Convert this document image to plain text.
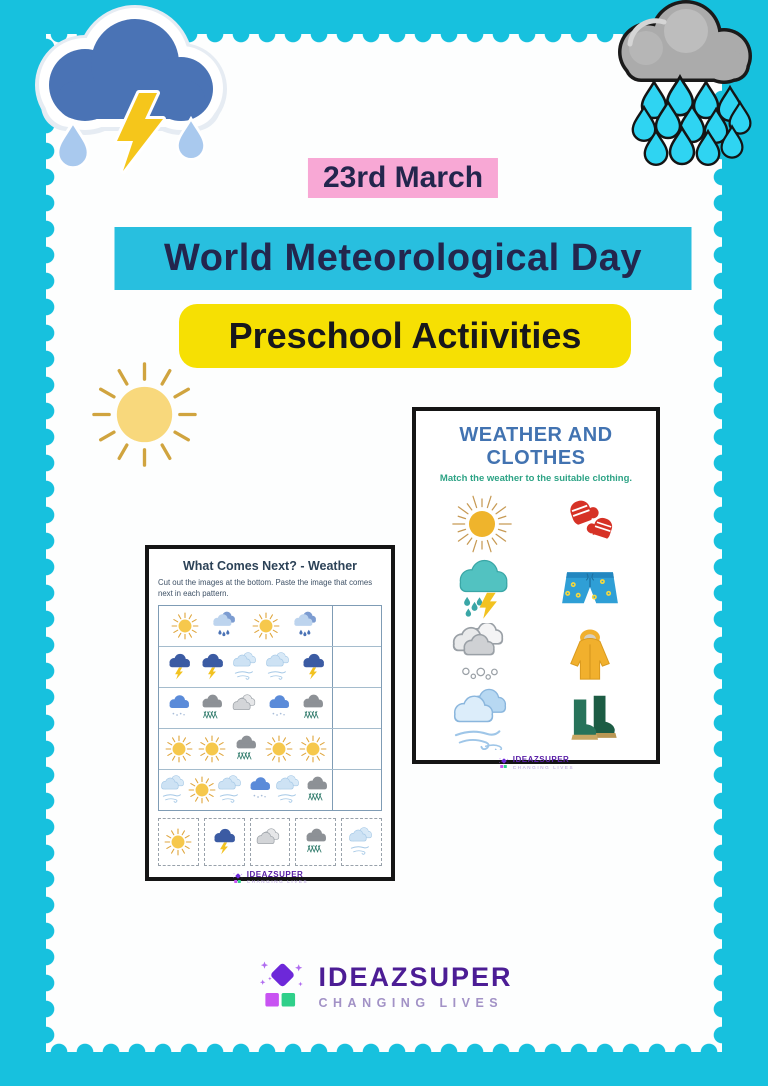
23rd March
World Meteorological Day
Preschool Actiivities
What Comes Next? - Weather
Cut out the images at the bottom. Paste the image that comes next in each pattern.
IDEAZSUPER
CHANGING LIVES
WEATHER AND CLOTHES
Match the weather to the suitable clothing.
IDEAZSUPER
CHANGING LIVES
IDEAZSUPER
CHANGING LIVES
